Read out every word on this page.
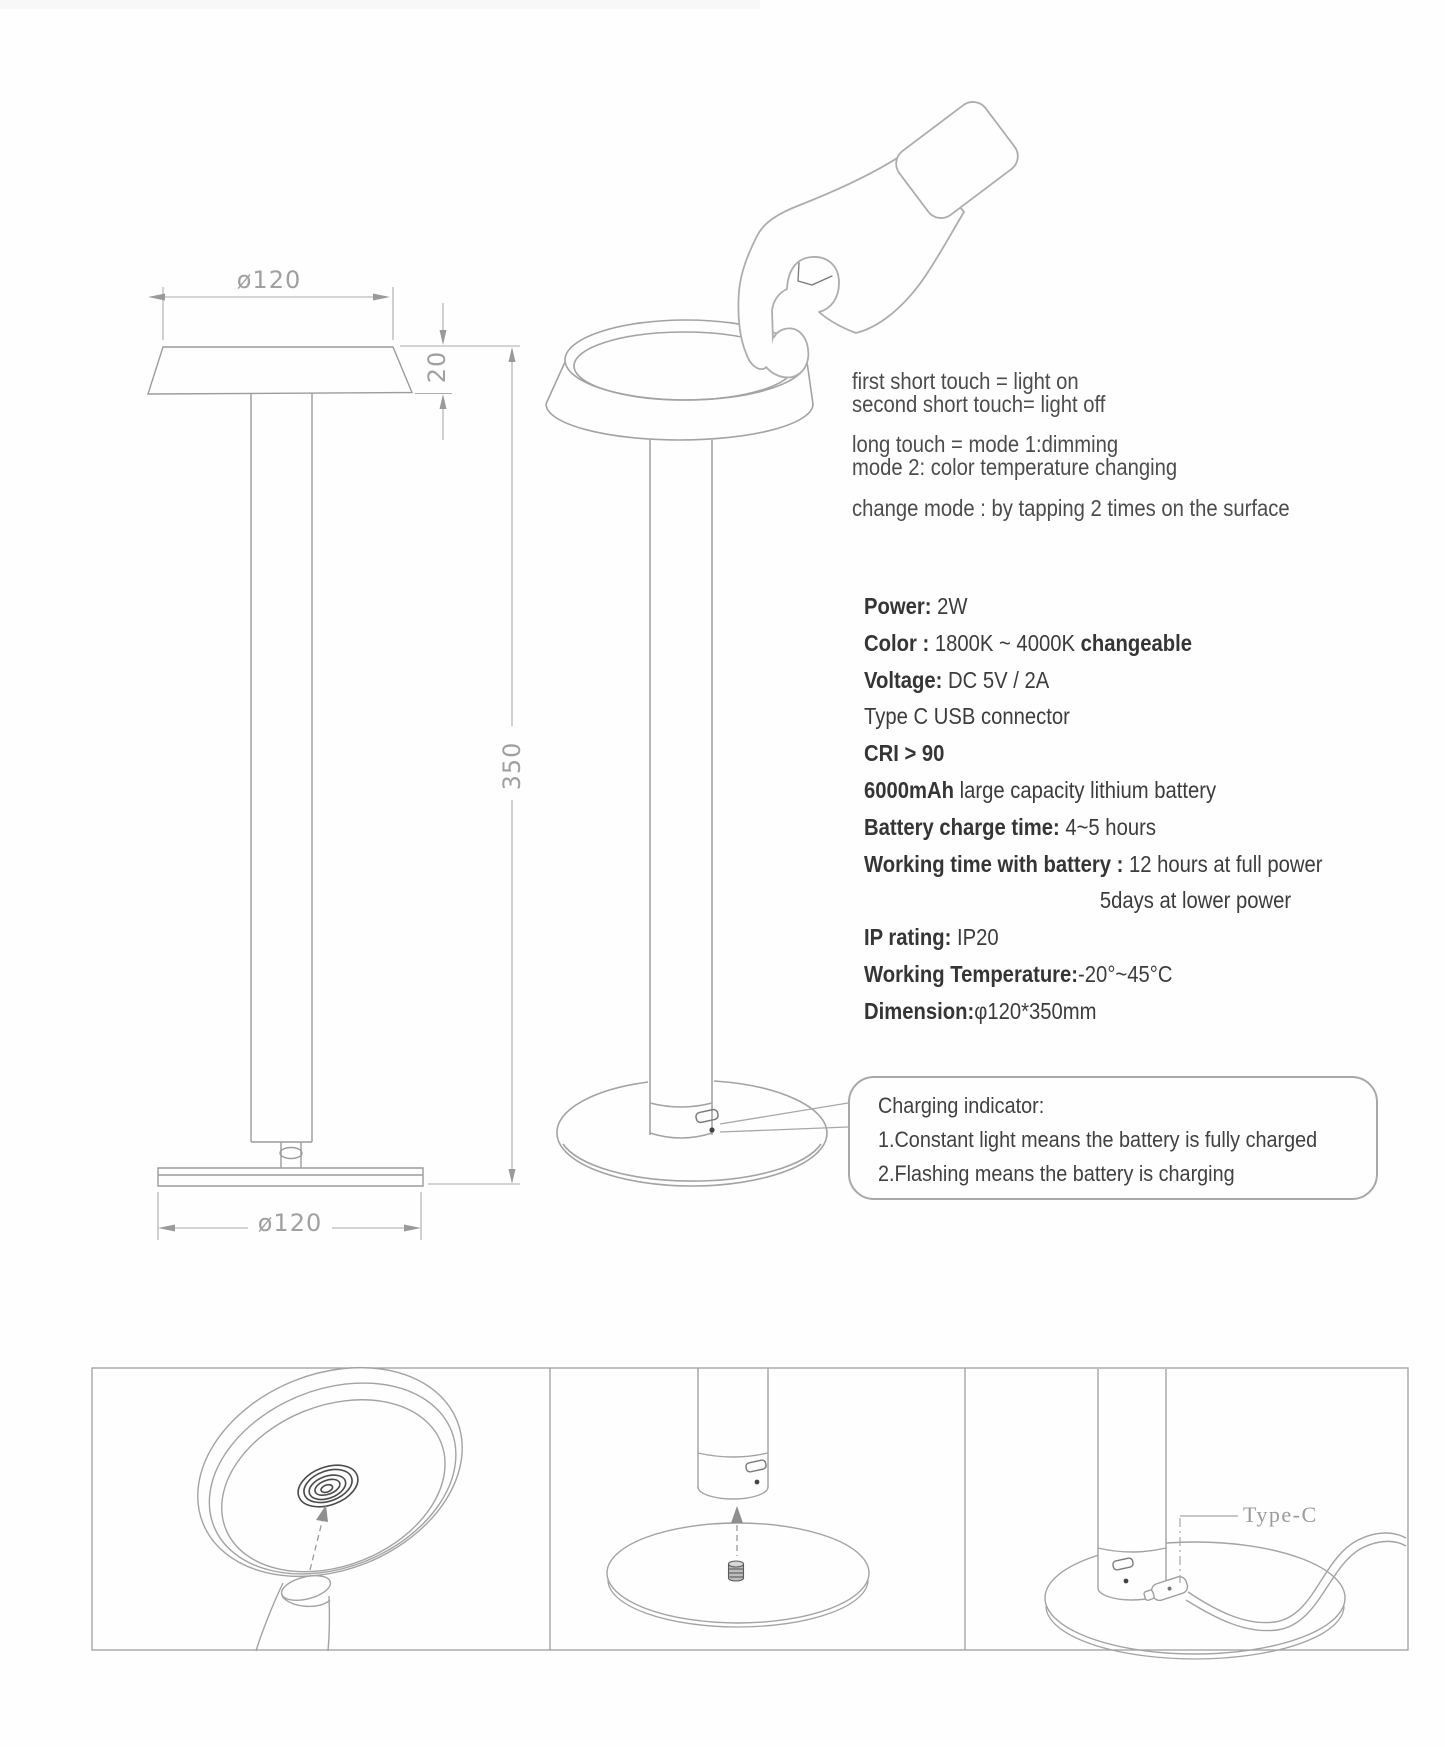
first short touch = light on
second short touch= light off
long touch = mode 1:dimming
mode 2: color temperature changing
change mode : by tapping 2 times on the surface
Power: 2W
Color : 1800K ~ 4000K changeable
Voltage: DC 5V / 2A
Type C USB connector
CRI > 90
6000mAh large capacity lithium battery
Battery charge time: 4~5 hours
Working time with battery : 12 hours at full power
5days at lower power
IP rating: IP20
Working Temperature:-20°~45°C
Dimension:φ120*350mm
ø120
20
350
ø120
Charging indicator:
1.Constant light means the battery is fully charged
2.Flashing means the battery is charging
Type-C
